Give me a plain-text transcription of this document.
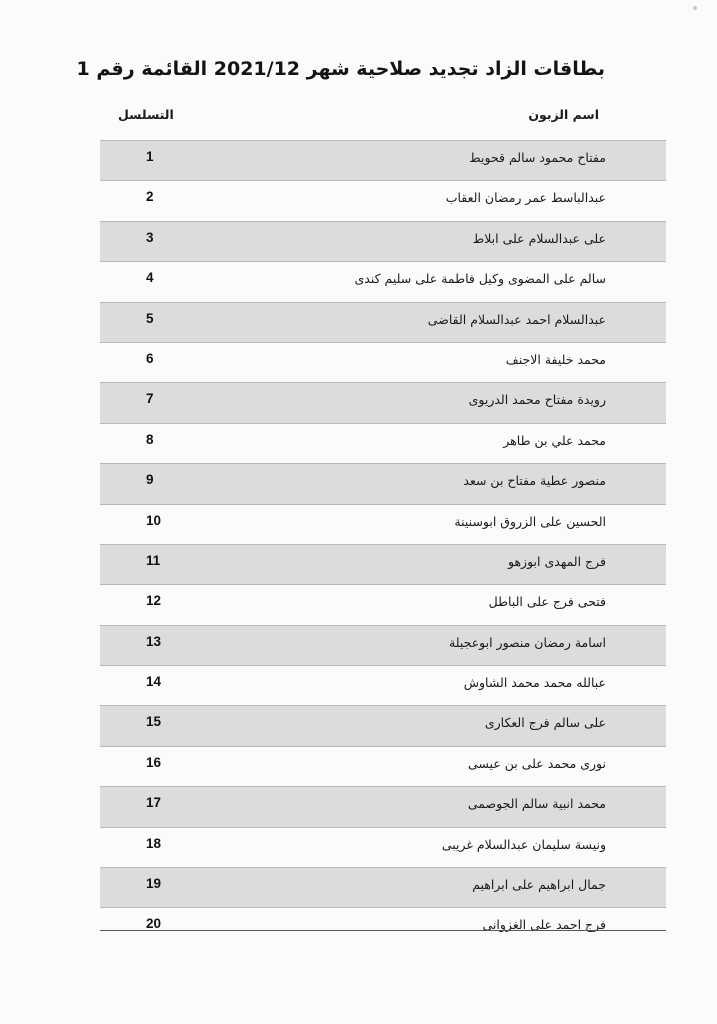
بطاقات الزاد تجديد صلاحية شهر 2021/12 القائمة رقم 1
اسم الزبون
التسلسل
مفتاح محمود سالم قحويط
1
عبدالباسط عمر رمضان العقاب
2
على عبدالسلام على ابلاط
3
سالم على المضوى وكيل فاطمة على سليم كندى
4
عبدالسلام احمد عبدالسلام القاضى
5
محمد خليفة الاجنف
6
رويدة مفتاح محمد الدريوى
7
محمد علي بن طاهر
8
منصور عطية مفتاح بن سعد
9
الحسين على الزروق ابوسنينة
10
فرج المهدى ابوزهو
11
فتحى فرج على الباطل
12
اسامة رمضان منصور ابوعجيلة
13
عبالله محمد محمد الشاوش
14
على سالم فرج العكارى
15
نورى محمد على بن عيسى
16
محمد انبية سالم الجوصمى
17
ونيسة سليمان عبدالسلام غريبى
18
جمال ابراهيم على ابراهيم
19
فرج احمد على الغزوانى
20
